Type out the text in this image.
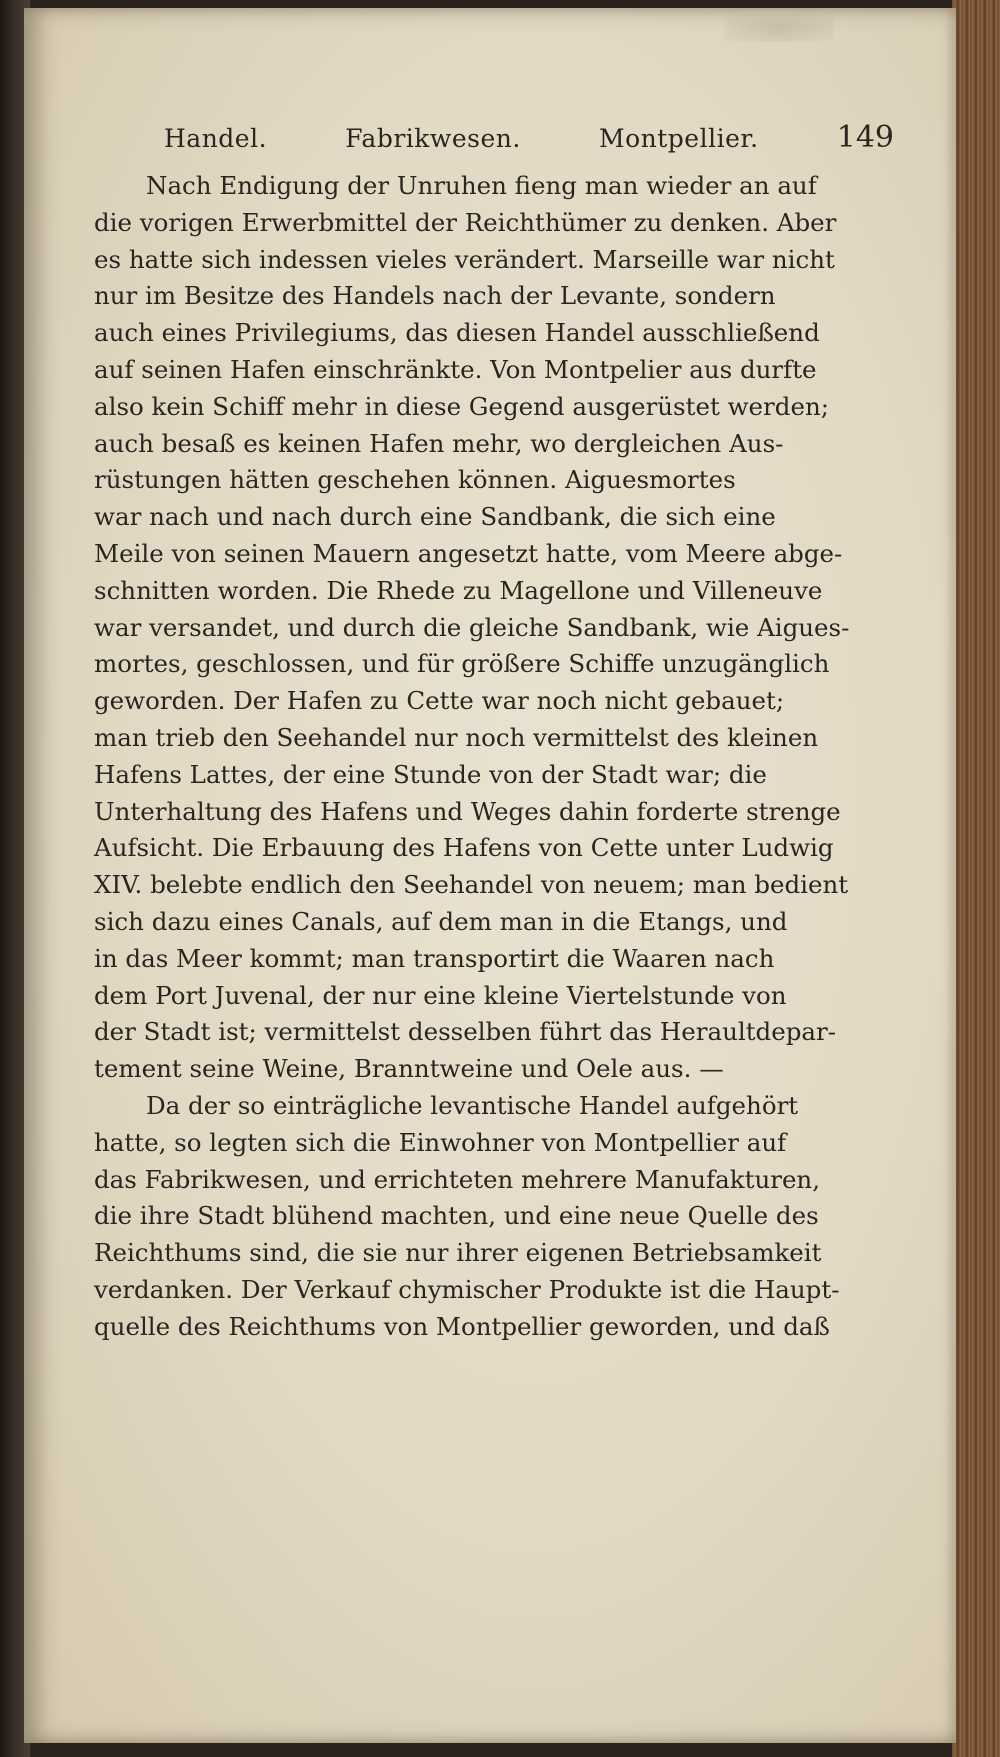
Handel.	Fabrikwesen.	Montpellier.	149
Nach Endigung der Unruhen fieng man wieder an auf
die vorigen Erwerbmittel der Reichthümer zu denken. Aber
es hatte sich indessen vieles verändert. Marseille war nicht
nur im Besitze des Handels nach der Levante, sondern
auch eines Privilegiums, das diesen Handel ausschließend
auf seinen Hafen einschränkte. Von Montpelier aus durfte
also kein Schiff mehr in diese Gegend ausgerüstet werden;
auch besaß es keinen Hafen mehr, wo dergleichen Aus-
rüstungen hätten geschehen können. Aiguesmortes
war nach und nach durch eine Sandbank, die sich eine
Meile von seinen Mauern angesetzt hatte, vom Meere abge-
schnitten worden. Die Rhede zu Magellone und Villeneuve
war versandet, und durch die gleiche Sandbank, wie Aigues-
mortes, geschlossen, und für größere Schiffe unzugänglich
geworden. Der Hafen zu Cette war noch nicht gebauet;
man trieb den Seehandel nur noch vermittelst des kleinen
Hafens Lattes, der eine Stunde von der Stadt war; die
Unterhaltung des Hafens und Weges dahin forderte strenge
Aufsicht. Die Erbauung des Hafens von Cette unter Ludwig
XIV. belebte endlich den Seehandel von neuem; man bedient
sich dazu eines Canals, auf dem man in die Etangs, und
in das Meer kommt; man transportirt die Waaren nach
dem Port Juvenal, der nur eine kleine Viertelstunde von
der Stadt ist; vermittelst desselben führt das Heraultdepar-
tement seine Weine, Branntweine und Oele aus. —
Da der so einträgliche levantische Handel aufgehört
hatte, so legten sich die Einwohner von Montpellier auf
das Fabrikwesen, und errichteten mehrere Manufakturen,
die ihre Stadt blühend machten, und eine neue Quelle des
Reichthums sind, die sie nur ihrer eigenen Betriebsamkeit
verdanken. Der Verkauf chymischer Produkte ist die Haupt-
quelle des Reichthums von Montpellier geworden, und daß
